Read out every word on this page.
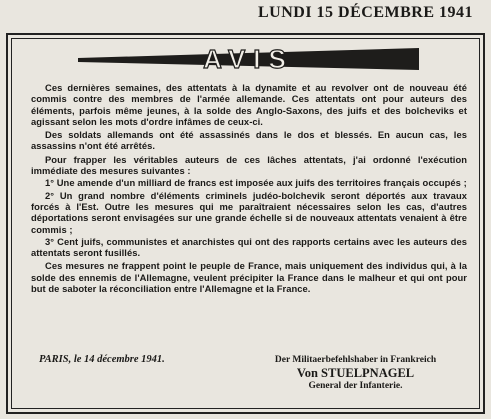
LUNDI 15 DÉCEMBRE 1941
AVIS

Ces dernières semaines, des attentats à la dynamite et au revolver ont de nouveau été commis contre des membres de l'armée allemande. Ces attentats ont pour auteurs des éléments, parfois même jeunes, à la solde des Anglo-Saxons, des juifs et des bolcheviks et agissant selon les mots d'ordre infâmes de ceux-ci.

Des soldats allemands ont été assassinés dans le dos et blessés. En aucun cas, les assassins n'ont été arrêtés.

Pour frapper les véritables auteurs de ces lâches attentats, j'ai ordonné l'exécution immédiate des mesures suivantes :

1° Une amende d'un milliard de francs est imposée aux juifs des territoires français occupés ;

2° Un grand nombre d'éléments criminels judéo-bolchevik seront déportés aux travaux forcés à l'Est. Outre les mesures qui me paraîtraient nécessaires selon les cas, d'autres déportations seront envisagées sur une grande échelle si de nouveaux attentats venaient à être commis ;

3° Cent juifs, communistes et anarchistes qui ont des rapports certains avec les auteurs des attentats seront fusillés.

Ces mesures ne frappent point le peuple de France, mais uniquement des individus qui, à la solde des ennemis de l'Allemagne, veulent précipiter la France dans le malheur et qui ont pour but de saboter la réconciliation entre l'Allemagne et la France.

PARIS, le 14 décembre 1941.	Der Militaerbefehlshaber in Frankreich
Von STUELPNAGEL
General der Infanterie.
